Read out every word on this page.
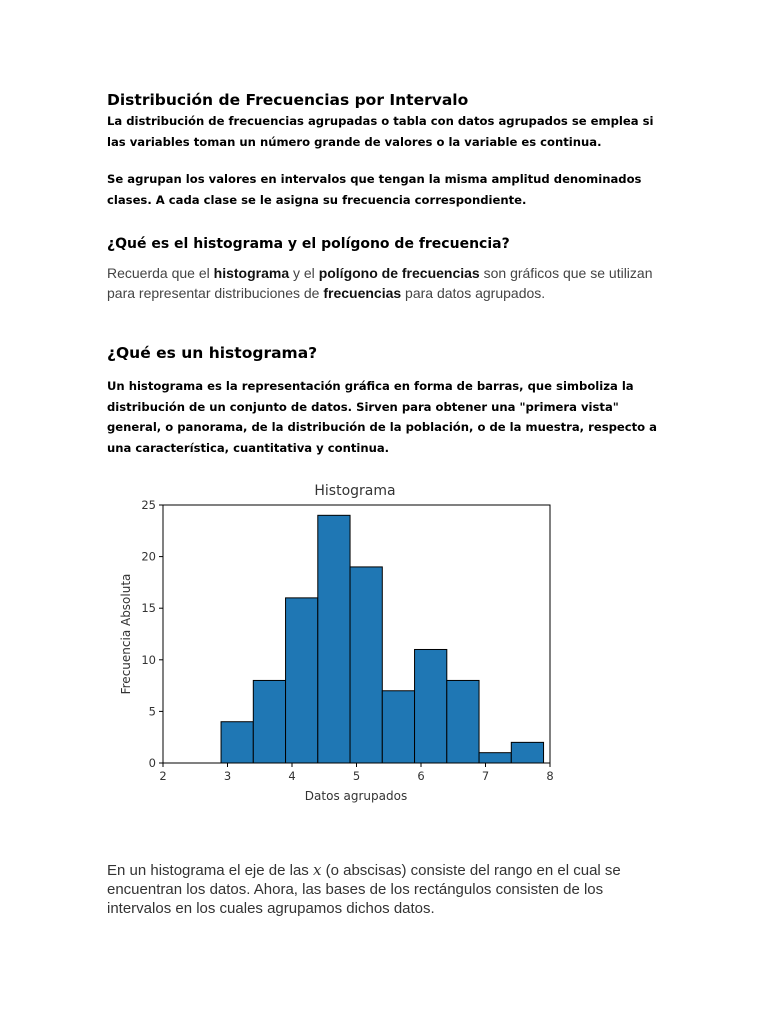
Distribución de Frecuencias por Intervalo

La distribución de frecuencias agrupadas o tabla con datos agrupados se emplea si las variables toman un número grande de valores o la variable es continua.

Se agrupan los valores en intervalos que tengan la misma amplitud denominados clases. A cada clase se le asigna su frecuencia correspondiente.

¿Qué es el histograma y el polígono de frecuencia?

Recuerda que el histograma y el polígono de frecuencias son gráficos que se utilizan para representar distribuciones de frecuencias para datos agrupados.

¿Qué es un histograma?

Un histograma es la representación gráfica en forma de barras, que simboliza la distribución de un conjunto de datos. Sirven para obtener una "primera vista" general, o panorama, de la distribución de la población, o de la muestra, respecto a una característica, cuantitativa y continua.

Histograma
2	3	4	5	6	7	8
0
5
10
15
20
25
Datos agrupados
Frecuencia Absoluta

En un histograma el eje de las x (o abscisas) consiste del rango en el cual se encuentran los datos. Ahora, las bases de los rectángulos consisten de los intervalos en los cuales agrupamos dichos datos.
